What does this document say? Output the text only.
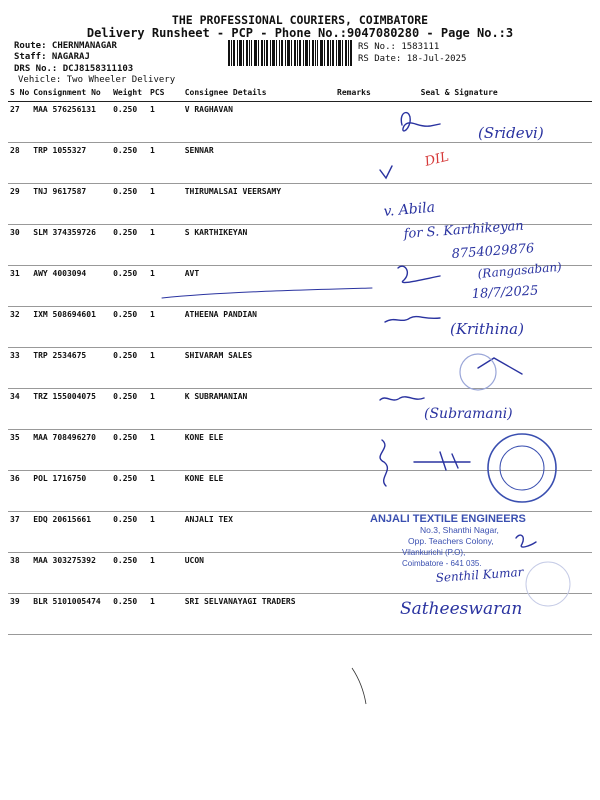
THE PROFESSIONAL COURIERS, COIMBATORE
Delivery Runsheet - PCP - Phone No.:9047080280 - Page No.:3
Route: CHERNMANAGAR
Staff: NAGARAJ
DRS No.: DCJ8158311103
Vehicle: Two Wheeler Delivery
RS No.: 1583111
RS Date: 18-Jul-2025
S No	Consignment No	Weight	PCS	Consignee Details	Remarks	Seal & Signature
27	MAA 576256131	0.250	1	V RAGHAVAN		
28	TRP 1055327	0.250	1	SENNAR		
29	TNJ 9617587	0.250	1	THIRUMALSAI VEERSAMY		
30	SLM 374359726	0.250	1	S KARTHIKEYAN		
31	AWY 4003094	0.250	1	AVT		
32	IXM 508694601	0.250	1	ATHEENA PANDIAN		
33	TRP 2534675	0.250	1	SHIVARAM SALES		
34	TRZ 155004075	0.250	1	K SUBRAMANIAN		
35	MAA 708496270	0.250	1	KONE ELE		
36	POL 1716750	0.250	1	KONE ELE		
37	EDQ 20615661	0.250	1	ANJALI TEX		
38	MAA 303275392	0.250	1	UCON		
39	BLR 5101005474	0.250	1	SRI SELVANAYAGI TRADERS		
(Sridevi)
DIL
v. Abila
for S. Karthikeyan
8754029876
(Rangasaban)
18/7/2025
(Krithina)
(Subramani)
Senthil Kumar
Satheeswaran
ANJALI TEXTILE ENGINEERS
No.3, Shanthi Nagar,
Opp. Teachers Colony,
Vilankurichi (P.O),
Coimbatore - 641 035.
